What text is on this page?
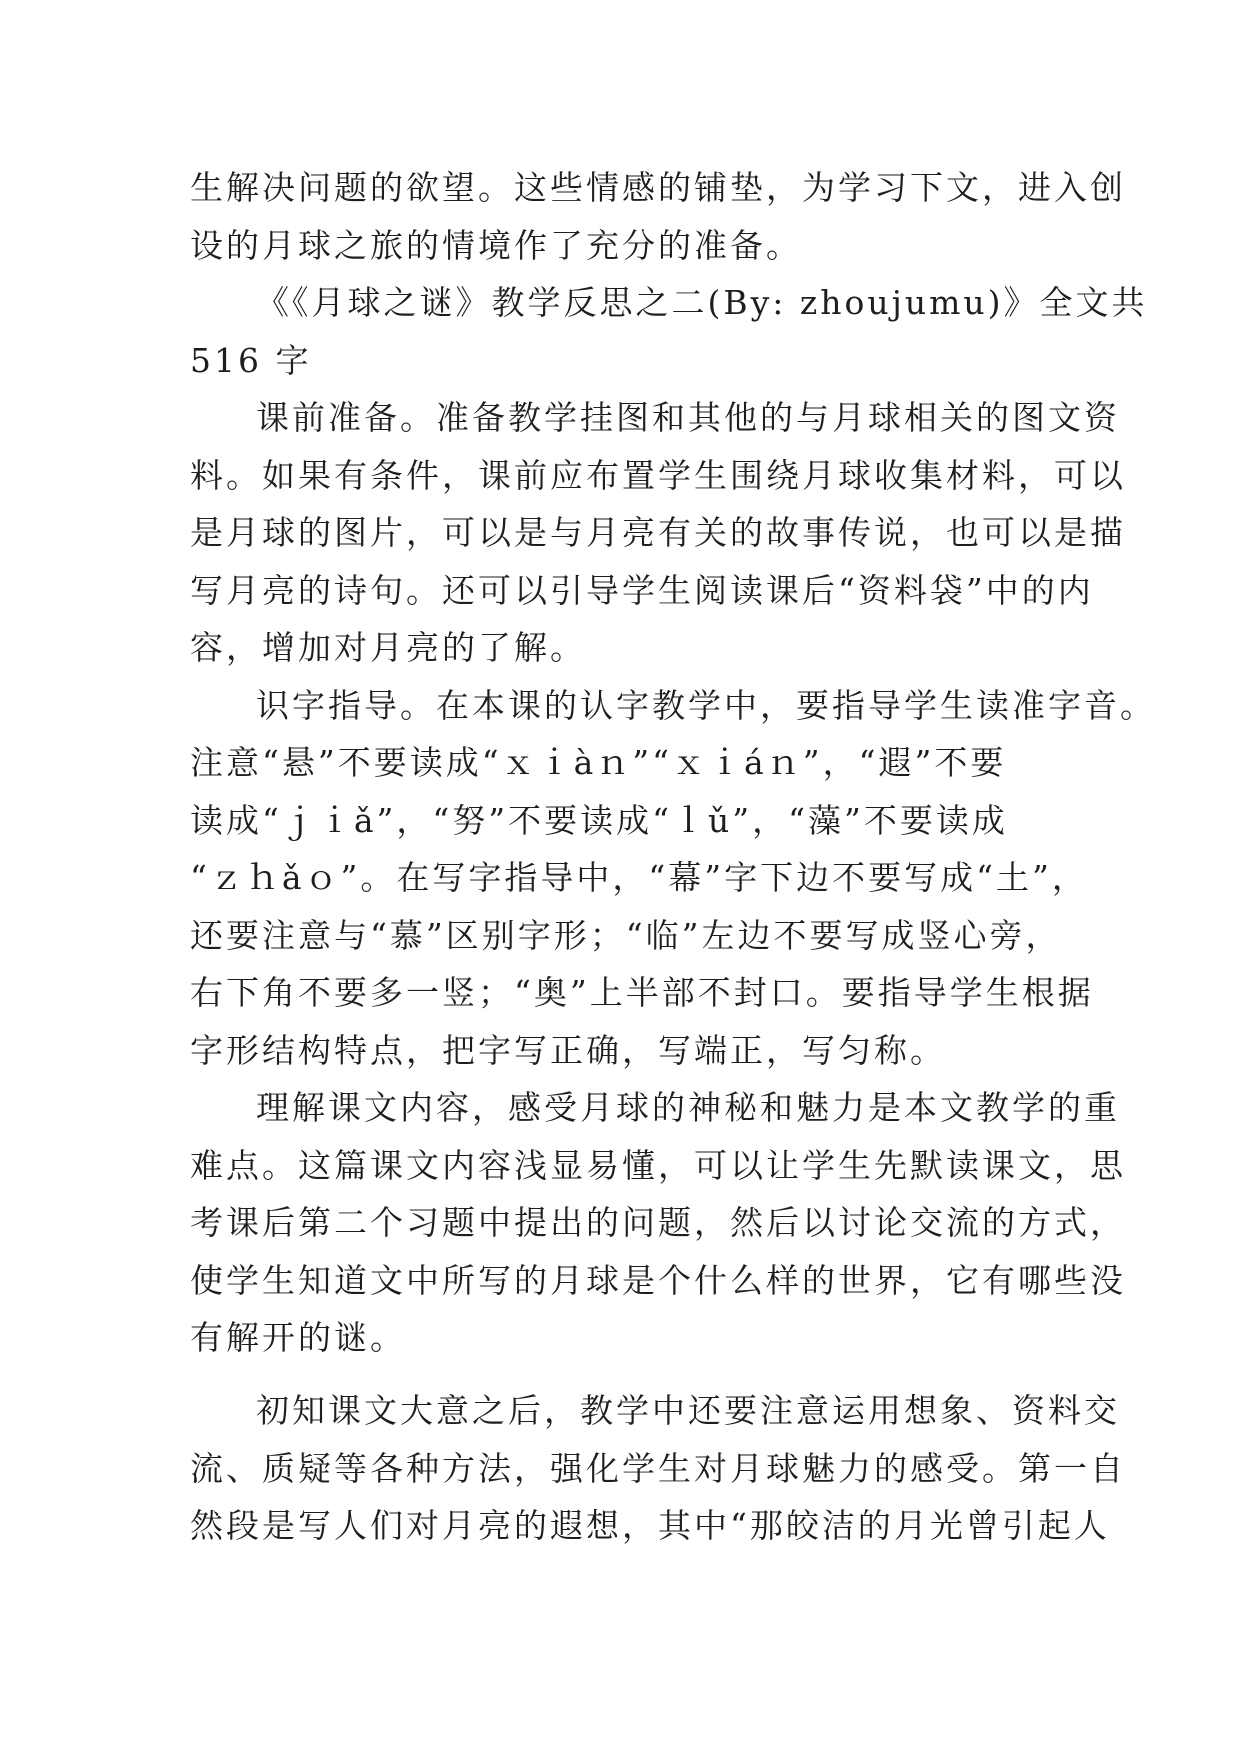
生解决问题的欲望。这些情感的铺垫，为学习下文，进入创
设的月球之旅的情境作了充分的准备。
《《月球之谜》教学反思之二(By: zhoujumu)》全文共
516 字
课前准备。准备教学挂图和其他的与月球相关的图文资
料。如果有条件，课前应布置学生围绕月球收集材料，可以
是月球的图片，可以是与月亮有关的故事传说，也可以是描
写月亮的诗句。还可以引导学生阅读课后“资料袋”中的内
容，增加对月亮的了解。
识字指导。在本课的认字教学中，要指导学生读准字音。
注意“悬”不要读成“ｘｉàｎ”“ｘｉáｎ”，“遐”不要
读成“ｊｉǎ”，“努”不要读成“ｌǔ”，“藻”不要读成
“ｚｈǎｏ”。在写字指导中，“幕”字下边不要写成“土”，
还要注意与“慕”区别字形；“临”左边不要写成竖心旁，
右下角不要多一竖；“奥”上半部不封口。要指导学生根据
字形结构特点，把字写正确，写端正，写匀称。
理解课文内容，感受月球的神秘和魅力是本文教学的重
难点。这篇课文内容浅显易懂，可以让学生先默读课文，思
考课后第二个习题中提出的问题，然后以讨论交流的方式，
使学生知道文中所写的月球是个什么样的世界，它有哪些没
有解开的谜。
初知课文大意之后，教学中还要注意运用想象、资料交
流、质疑等各种方法，强化学生对月球魅力的感受。第一自
然段是写人们对月亮的遐想，其中“那皎洁的月光曾引起人
